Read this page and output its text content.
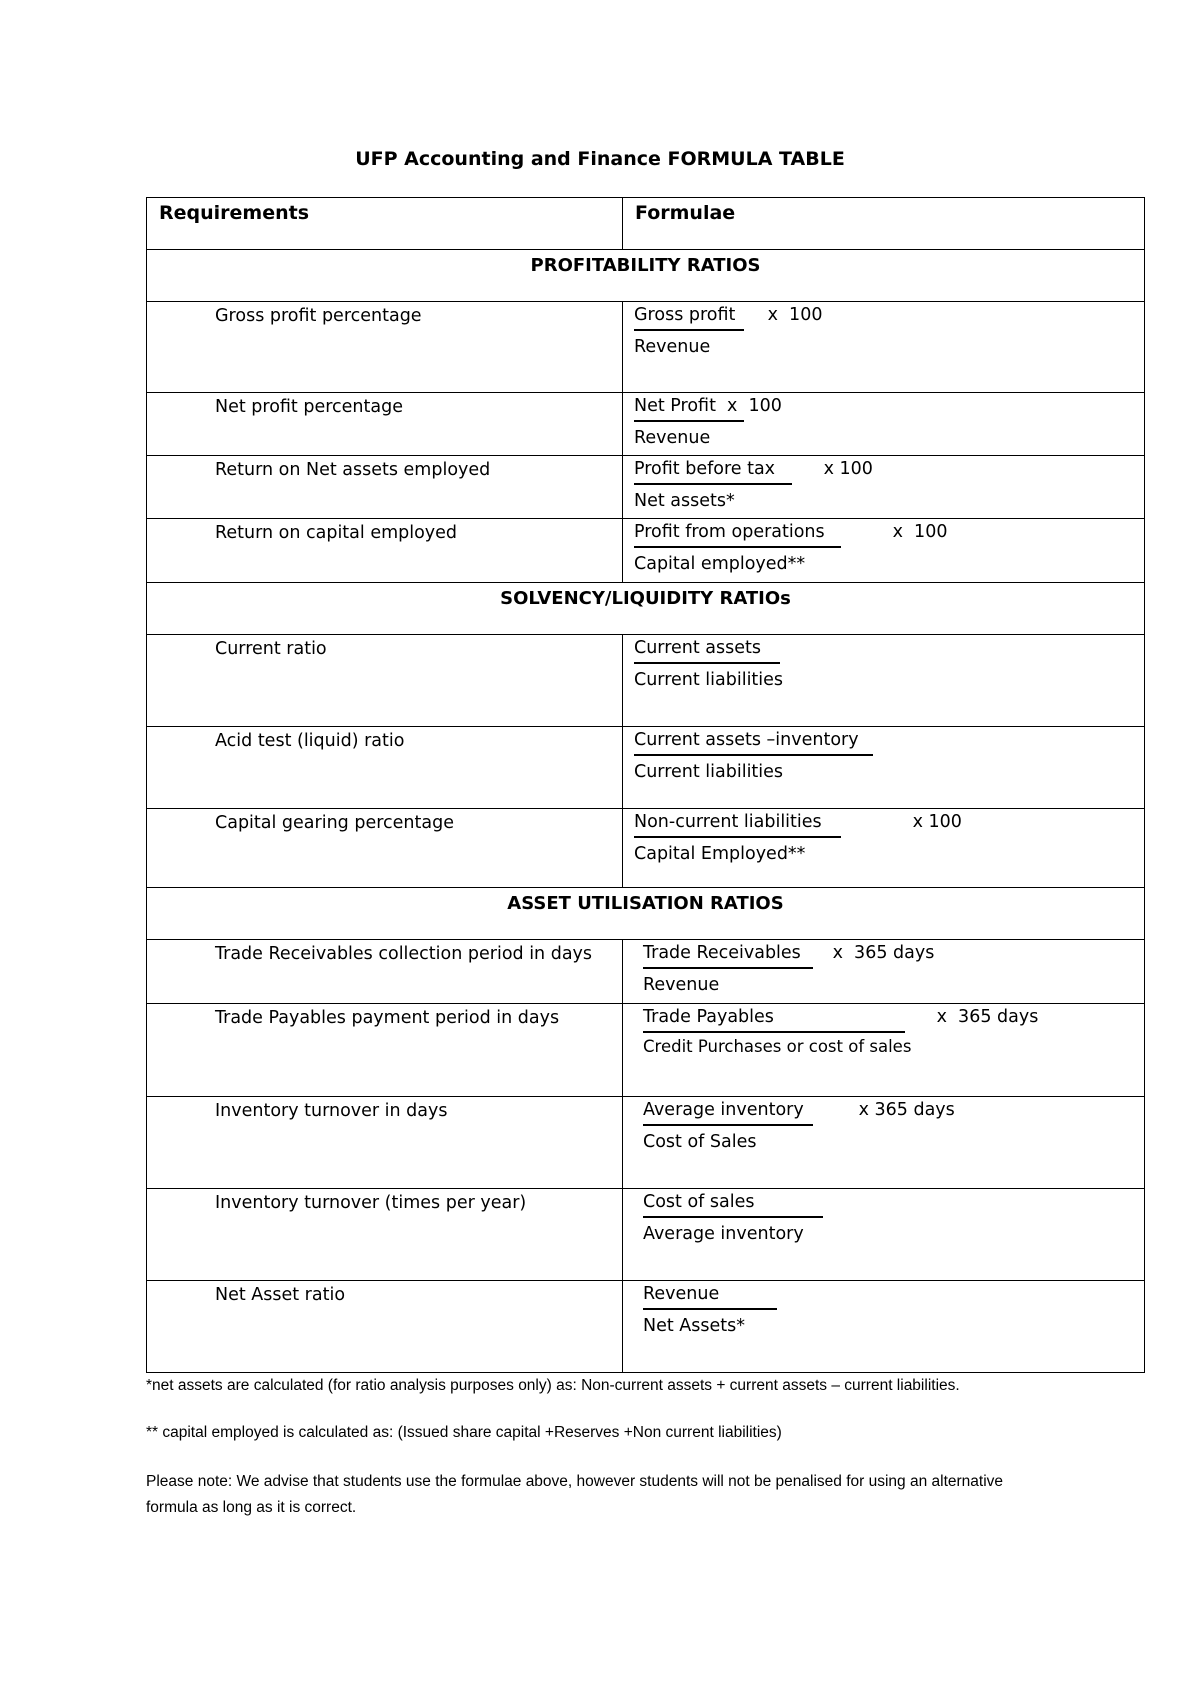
UFP Accounting and Finance FORMULA TABLE
Requirements	Formulae
PROFITABILITY RATIOS	
Gross profit percentage	Gross profit x  100
Revenue

Net profit percentage	Net Profit  x  100
Revenue

Return on Net assets employed	Profit before tax x 100
Net assets*

Return on capital employed	Profit from operations x  100
Capital employed**

SOLVENCY/LIQUIDITY RATIOs	
Current ratio	Current assets
Current liabilities

Acid test (liquid) ratio	Current assets –inventory
Current liabilities

Capital gearing percentage	Non-current liabilities x 100
Capital Employed**

ASSET UTILISATION RATIOS	
Trade Receivables collection period in days	Trade Receivables x  365 days
Revenue

Trade Payables payment period in days	Trade Payables x  365 days
Credit Purchases or cost of sales

Inventory turnover in days	Average inventory x 365 days
Cost of Sales

Inventory turnover (times per year)	Cost of sales
Average inventory

Net Asset ratio	Revenue
Net Assets*

*net assets are calculated (for ratio analysis purposes only) as: Non-current assets + current assets – current liabilities.

** capital employed is calculated as: (Issued share capital +Reserves +Non current liabilities)

Please note: We advise that students use the formulae above, however students will not be penalised for using an alternative formula as long as it is correct.
